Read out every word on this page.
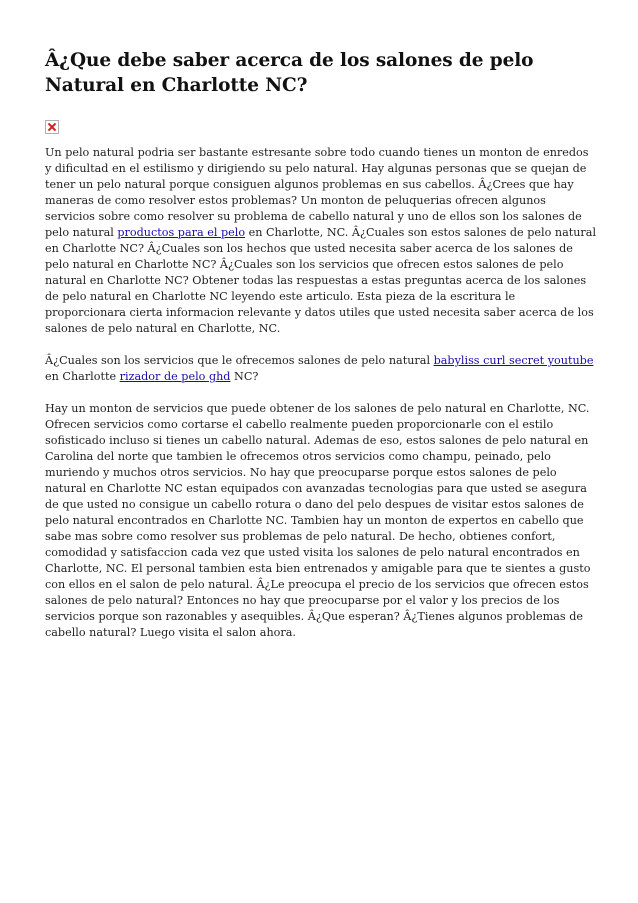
Â¿Que debe saber acerca de los salones de pelo Natural en Charlotte NC?

Un pelo natural podria ser bastante estresante sobre todo cuando tienes un monton de enredos y dificultad en el estilismo y dirigiendo su pelo natural. Hay algunas personas que se quejan de tener un pelo natural porque consiguen algunos problemas en sus cabellos. Â¿Crees que hay maneras de como resolver estos problemas? Un monton de peluquerias ofrecen algunos servicios sobre como resolver su problema de cabello natural y uno de ellos son los salones de pelo natural productos para el pelo en Charlotte, NC. Â¿Cuales son estos salones de pelo natural en Charlotte NC? Â¿Cuales son los hechos que usted necesita saber acerca de los salones de pelo natural en Charlotte NC? Â¿Cuales son los servicios que ofrecen estos salones de pelo natural en Charlotte NC? Obtener todas las respuestas a estas preguntas acerca de los salones de pelo natural en Charlotte NC leyendo este articulo. Esta pieza de la escritura le proporcionara cierta informacion relevante y datos utiles que usted necesita saber acerca de los salones de pelo natural en Charlotte, NC.

Â¿Cuales son los servicios que le ofrecemos salones de pelo natural babyliss curl secret youtube en Charlotte rizador de pelo ghd NC?

Hay un monton de servicios que puede obtener de los salones de pelo natural en Charlotte, NC. Ofrecen servicios como cortarse el cabello realmente pueden proporcionarle con el estilo sofisticado incluso si tienes un cabello natural. Ademas de eso, estos salones de pelo natural en Carolina del norte que tambien le ofrecemos otros servicios como champu, peinado, pelo muriendo y muchos otros servicios. No hay que preocuparse porque estos salones de pelo natural en Charlotte NC estan equipados con avanzadas tecnologias para que usted se asegura de que usted no consigue un cabello rotura o dano del pelo despues de visitar estos salones de pelo natural encontrados en Charlotte NC. Tambien hay un monton de expertos en cabello que sabe mas sobre como resolver sus problemas de pelo natural. De hecho, obtienes confort, comodidad y satisfaccion cada vez que usted visita los salones de pelo natural encontrados en Charlotte, NC. El personal tambien esta bien entrenados y amigable para que te sientes a gusto con ellos en el salon de pelo natural. Â¿Le preocupa el precio de los servicios que ofrecen estos salones de pelo natural? Entonces no hay que preocuparse por el valor y los precios de los servicios porque son razonables y asequibles. Â¿Que esperan? Â¿Tienes algunos problemas de cabello natural? Luego visita el salon ahora.
